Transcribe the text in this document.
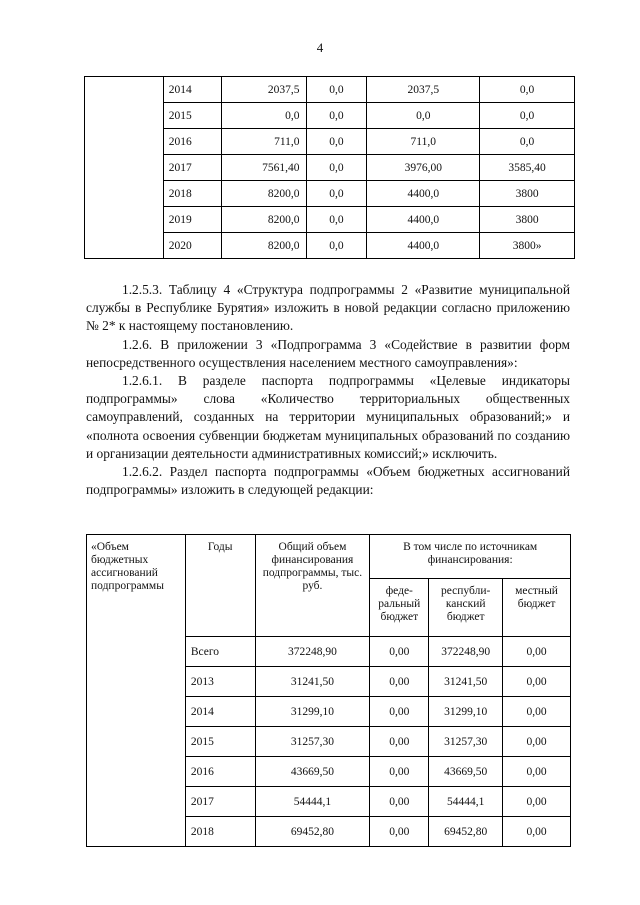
4
	2014	2037,5	0,0	2037,5	0,0
	2015	0,0	0,0	0,0	0,0
	2016	711,0	0,0	711,0	0,0
	2017	7561,40	0,0	3976,00	3585,40
	2018	8200,0	0,0	4400,0	3800
	2019	8200,0	0,0	4400,0	3800
	2020	8200,0	0,0	4400,0	3800»

1.2.5.3. Таблицу 4 «Структура подпрограммы 2 «Развитие муниципальной службы в Республике Бурятия» изложить в новой редакции согласно приложению № 2* к настоящему постановлению.

1.2.6. В приложении 3 «Подпрограмма 3 «Содействие в развитии форм непосредственного осуществления населением местного самоуправления»:

1.2.6.1. В разделе паспорта подпрограммы «Целевые индикаторы подпрограммы» слова «Количество территориальных общественных самоуправлений, созданных на территории муниципальных образований;» и «полнота освоения субвенции бюджетам муниципальных образований по созданию и организации деятельности административных комиссий;» исключить.

1.2.6.2. Раздел паспорта подпрограммы «Объем бюджетных ассигнований подпрограммы» изложить в следующей редакции:

«Объем бюджетных ассигнований подпрограммы	Годы	Общий объем финансирования подпрограммы, тыс. руб.	В том числе по источникам финансирования:		
			феде-ральный бюджет	республи-канский бюджет	местный бюджет
	Всего	372248,90	0,00	372248,90	0,00
	2013	31241,50	0,00	31241,50	0,00
	2014	31299,10	0,00	31299,10	0,00
	2015	31257,30	0,00	31257,30	0,00
	2016	43669,50	0,00	43669,50	0,00
	2017	54444,1	0,00	54444,1	0,00
	2018	69452,80	0,00	69452,80	0,00
